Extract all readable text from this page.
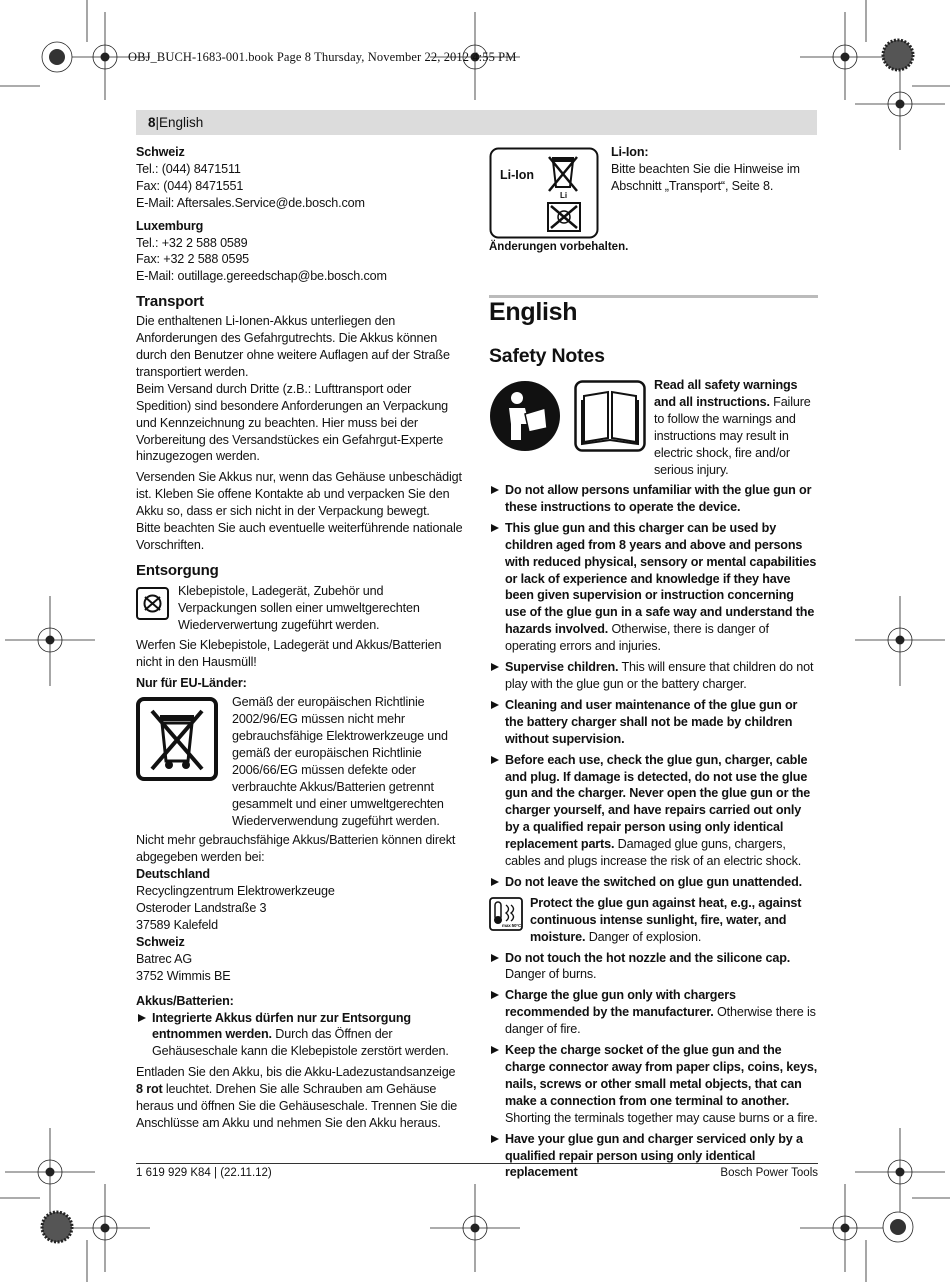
OBJ_BUCH-1683-001.book Page 8 Thursday, November 22, 2012 4:55 PM
8|English

Schweiz

Tel.: (044) 8471511

Fax: (044) 8471551

E-Mail: Aftersales.Service@de.bosch.com

Luxemburg

Tel.: +32 2 588 0589

Fax: +32 2 588 0595

E-Mail: outillage.gereedschap@be.bosch.com

Transport

Die enthaltenen Li-Ionen-Akkus unterliegen den Anforderungen des Gefahrgutrechts. Die Akkus können durch den Benutzer ohne weitere Auflagen auf der Straße transportiert werden.

Beim Versand durch Dritte (z.B.: Lufttransport oder Spedition) sind besondere Anforderungen an Verpackung und Kennzeichnung zu beachten. Hier muss bei der Vorbereitung des Versandstückes ein Gefahrgut-Experte hinzugezogen werden.

Versenden Sie Akkus nur, wenn das Gehäuse unbeschädigt ist. Kleben Sie offene Kontakte ab und verpacken Sie den Akku so, dass er sich nicht in der Verpackung bewegt.

Bitte beachten Sie auch eventuelle weiterführende nationale Vorschriften.

Entsorgung

Klebepistole, Ladegerät, Zubehör und Verpackungen sollen einer umweltgerechten Wiederverwertung zugeführt werden.

Werfen Sie Klebepistole, Ladegerät und Akkus/Batterien nicht in den Hausmüll!

Nur für EU-Länder:

Gemäß der europäischen Richtlinie 2002/96/EG müssen nicht mehr gebrauchsfähige Elektrowerkzeuge und gemäß der europäischen Richtlinie 2006/66/EG müssen defekte oder verbrauchte Akkus/Batterien getrennt gesammelt und einer umweltgerechten Wiederverwendung zugeführt werden.

Nicht mehr gebrauchsfähige Akkus/Batterien können direkt abgegeben werden bei:

Deutschland

Recyclingzentrum Elektrowerkzeuge

Osteroder Landstraße 3

37589 Kalefeld

Schweiz

Batrec AG

3752 Wimmis BE

Akkus/Batterien:

Integrierte Akkus dürfen nur zur Entsorgung entnommen werden. Durch das Öffnen der Gehäuseschale kann die Klebepistole zerstört werden.

Entladen Sie den Akku, bis die Akku-Ladezustandsanzeige 8 rot leuchtet. Drehen Sie alle Schrauben am Gehäuse heraus und öffnen Sie die Gehäuseschale. Trennen Sie die Anschlüsse am Akku und nehmen Sie den Akku heraus.

Li-Ion
Li

Li-Ion:

Bitte beachten Sie die Hinweise im Abschnitt „Transport“, Seite 8.

Änderungen vorbehalten.
English
Safety Notes

Read all safety warnings and all instructions. Failure to follow the warnings and instructions may result in electric shock, fire and/or serious injury.

Do not allow persons unfamiliar with the glue gun or these instructions to operate the device.

This glue gun and this charger can be used by children aged from 8 years and above and persons with reduced physical, sensory or mental capabilities or lack of experience and knowledge if they have been given supervision or instruction concerning use of the glue gun in a safe way and understand the hazards involved. Otherwise, there is danger of operating errors and injuries.

Supervise children. This will ensure that children do not play with the glue gun or the battery charger.

Cleaning and user maintenance of the glue gun or the battery charger shall not be made by children without supervision.

Before each use, check the glue gun, charger, cable and plug. If damage is detected, do not use the glue gun and the charger. Never open the glue gun or the charger yourself, and have repairs carried out only by a qualified repair person using only identical replacement parts. Damaged glue guns, chargers, cables and plugs increase the risk of an electric shock.

Do not leave the switched on glue gun unattended.

max 50°C

Protect the glue gun against heat, e.g., against continuous intense sunlight, fire, water, and moisture. Danger of explosion.

Do not touch the hot nozzle and the silicone cap. Danger of burns.

Charge the glue gun only with chargers recommended by the manufacturer. Otherwise there is danger of fire.

Keep the charge socket of the glue gun and the charge connector away from paper clips, coins, keys, nails, screws or other small metal objects, that can make a connection from one terminal to another. Shorting the terminals together may cause burns or a fire.

Have your glue gun and charger serviced only by a qualified repair person using only identical replacement

1 619 929 K84 | (22.11.12)	Bosch Power Tools
